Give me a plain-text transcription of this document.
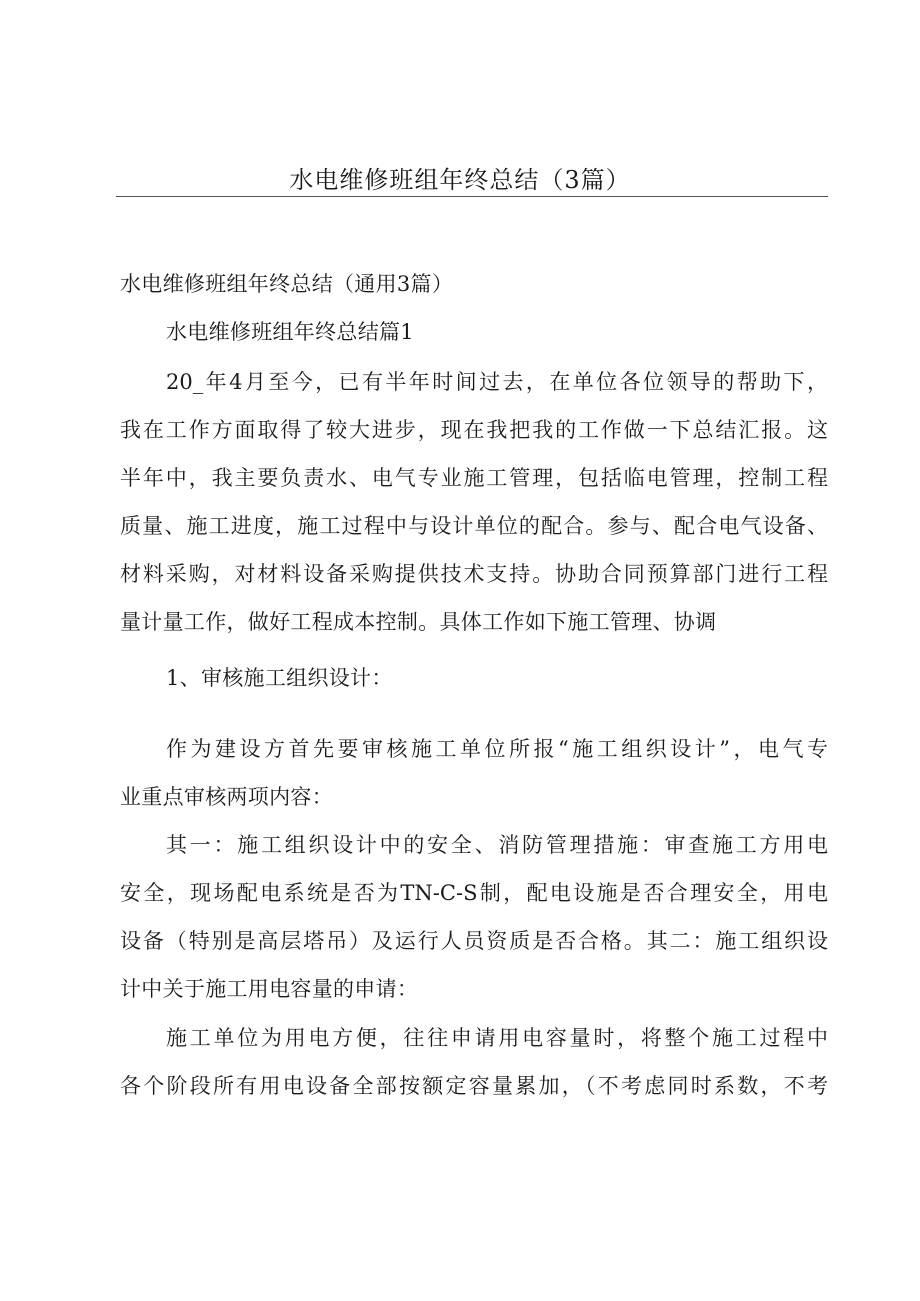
水电维修班组年终总结（3篇）
水电维修班组年终总结（通用3篇）
水电维修班组年终总结篇1
20_年4月至今，已有半年时间过去，在单位各位领导的帮助下，
我在工作方面取得了较大进步，现在我把我的工作做一下总结汇报。这
半年中，我主要负责水、电气专业施工管理，包括临电管理，控制工程
质量、施工进度，施工过程中与设计单位的配合。参与、配合电气设备、
材料采购，对材料设备采购提供技术支持。协助合同预算部门进行工程
量计量工作，做好工程成本控制。具体工作如下施工管理、协调
1、审核施工组织设计：
作为建设方首先要审核施工单位所报“施工组织设计”，电气专
业重点审核两项内容：
其一：施工组织设计中的安全、消防管理措施：审查施工方用电
安全，现场配电系统是否为TN-C-S制，配电设施是否合理安全，用电
设备（特别是高层塔吊）及运行人员资质是否合格。其二：施工组织设
计中关于施工用电容量的申请：
施工单位为用电方便，往往申请用电容量时，将整个施工过程中
各个阶段所有用电设备全部按额定容量累加，（不考虑同时系数，不考
